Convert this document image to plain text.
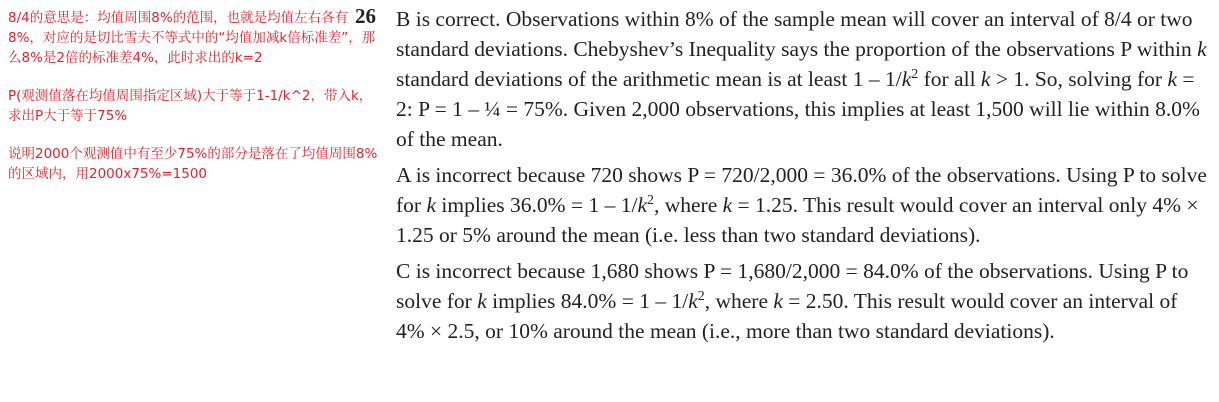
8/4的意思是：均值周围8%的范围，也就是均值左右各有8%，对应的是切比雪夫不等式中的“均值加减k倍标准差”，那么8%是2倍的标准差4%，此时求出的k=2

P(观测值落在均值周围指定区域)大于等于1-1/k^2，带入k，求出P大于等于75%

说明2000个观测值中有至少75%的部分是落在了均值周围8%的区域内，用2000x75%=1500

26 B is correct. Observations within 8% of the sample mean will cover an interval of 8/4 or two standard deviations. Chebyshev’s Inequality says the proportion of the observations P within k standard deviations of the arithmetic mean is at least $1 - 1/k^2$ for all k > 1. So, solving for k = 2: P = 1 – ¼ = 75%. Given 2,000 observations, this implies at least 1,500 will lie within 8.0% of the mean.

A is incorrect because 720 shows P = 720/2,000 = 36.0% of the observations. Using P to solve for k implies $36.0\% = 1 - 1/k^2$, where k = 1.25. This result would cover an interval only 4% × 1.25 or 5% around the mean (i.e. less than two standard deviations).

C is incorrect because 1,680 shows P = 1,680/2,000 = 84.0% of the observations. Using P to solve for k implies $84.0\% = 1 - 1/k^2$, where k = 2.50. This result would cover an interval of 4% × 2.5, or 10% around the mean (i.e., more than two standard deviations).
